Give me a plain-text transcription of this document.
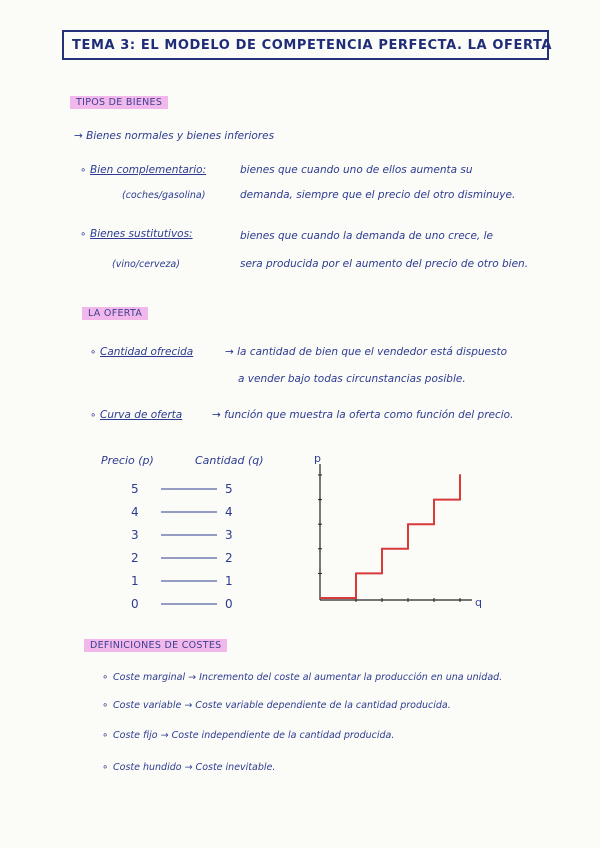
TEMA 3: EL MODELO DE COMPETENCIA PERFECTA. LA OFERTA
TIPOS DE BIENES
→ Bienes normales y bienes inferiores
∘ Bien complementario:	bienes que cuando uno de ellos aumenta su
(coches/gasolina)	demanda, siempre que el precio del otro disminuye.
∘ Bienes sustitutivos:	bienes que cuando la demanda de uno crece, le
(vino/cerveza)	sera producida por el aumento del precio de otro bien.
LA OFERTA
∘ Cantidad ofrecida	→ la cantidad de bien que el vendedor está dispuesto
a vender bajo todas circunstancias posible.
∘ Curva de oferta	→ función que muestra la oferta como función del precio.
Precio (p)	Cantidad (q)
5	5
4	4
3	3
2	2
1	1
0	0
p
q
DEFINICIONES DE COSTES
∘ Coste marginal → Incremento del coste al aumentar la producción en una unidad.
∘ Coste variable → Coste variable dependiente de la cantidad producida.
∘ Coste fijo → Coste independiente de la cantidad producida.
∘ Coste hundido → Coste inevitable.
